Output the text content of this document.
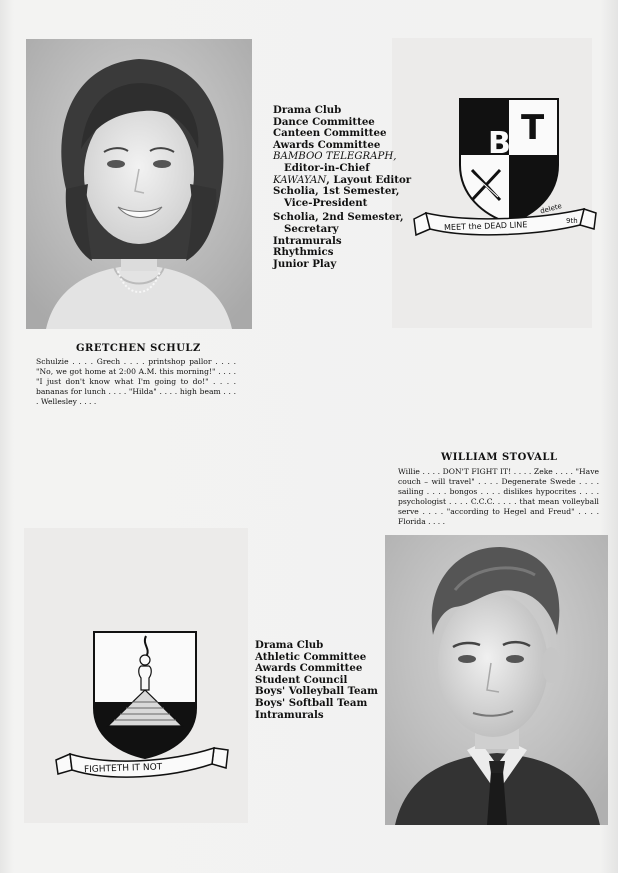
Drama Club
Dance Committee
Canteen Committee
Awards Committee
BAMBOO TELEGRAPH,
Editor-in-Chief
KAWAYAN, Layout Editor
Scholia, 1st Semester,
Vice-President
Scholia, 2nd Semester,
Secretary
Intramurals
Rhythmics
Junior Play
T
B
MEET the DEAD LINE
delete
9th
GRETCHEN SCHULZ
Schulzie . . . . Grech . . . . printshop pallor . . . . "No, we got home at 2:00 A.M. this morning!" . . . . "I just don't know what I'm going to do!" . . . . bananas for lunch . . . . "Hilda" . . . . high beam . . . . Wellesley . . . .
WILLIAM STOVALL
Willie . . . . DON'T FIGHT IT! . . . . Zeke . . . . "Have couch – will travel" . . . . Degenerate Swede . . . . sailing . . . . bongos . . . . dislikes hypocrites . . . . psychologist . . . . C.C.C. . . . . that mean volleyball serve . . . . "according to Hegel and Freud" . . . . Florida . . . .
FIGHTETH IT NOT
Drama Club
Athletic Committee
Awards Committee
Student Council
Boys' Volleyball Team
Boys' Softball Team
Intramurals
